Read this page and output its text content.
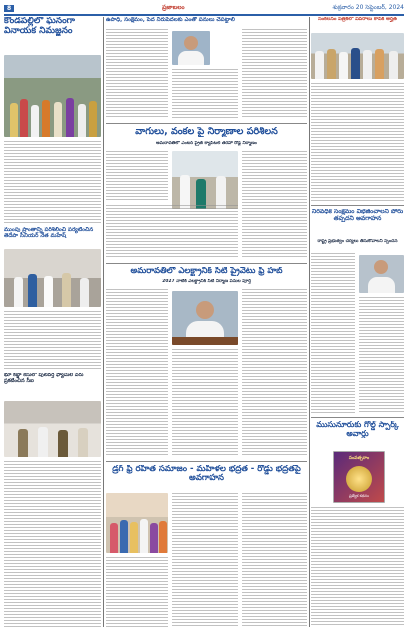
8	ప్రజాబలం	శుక్రవారం 20 సెప్టెంబర్, 2024
కొండపల్లిలో ఘనంగా వినాయక నిమజ్జనం
ముంపు ప్రాంతాన్ని పరిశీలించి పర్యటించిన తెదేపా సీనియర్ నేత మహేష్
భూ కబ్జా కేసులో పులివర్తి ఫ్యామిలీ పేరు ప్రకటించిన సీఐ
ఉపాధి, సంక్షేమం, పేద నిరుపేదలకు ఎంతో పనులు చేపట్టాలి
వాగులు, వంకల పై నిర్మాణాల పరిశీలన
అమరావతిలో ఎంటర్ ప్రైజ్ క్యాపిటల్ తరహా రోడ్ల నిర్మాణం
అమరావతిలో ఎలక్ట్రానిక్ సిటీ ప్రైవేటు ఫ్రీ హబ్
2027 నాటికి ఎలక్ట్రానిక్ సిటీ నిర్మాణ పనుల పూర్తి
డ్రగ్ ఫ్రీ రహిత సమాజం - మహిళల భద్రత - రోడ్డు భద్రతపై అవగాహన
సంకలనం పత్రికలో వివరాలు కాపీకి అర్హత
నిరవధిక సంక్షేమం విభజించాలని పోరు తప్పదని అవగాహన
రాష్ట్ర ప్రభుత్వం చర్యలు తీసుకోవాలని స్పందన
ముసునూరుకు గోల్డ్ స్పార్క్ అవార్డు
సంవత్సరాం
ప్రత్యేక కథనం
